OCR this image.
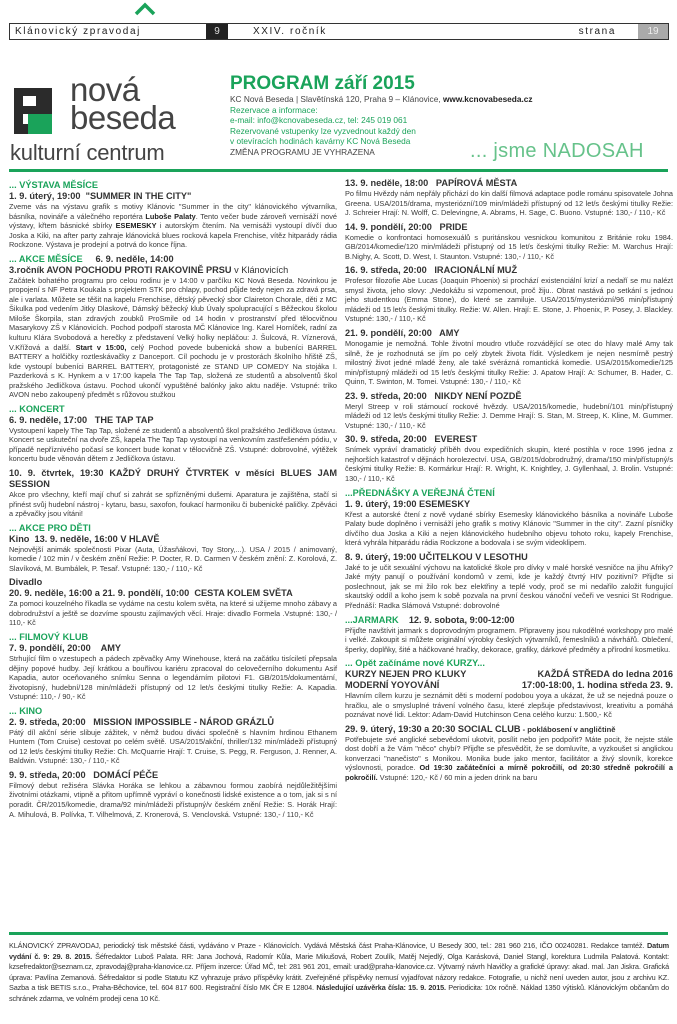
Klánovický zpravodaj	9	XXIV. ročník	strana	19
nová
beseda
kulturní centrum
PROGRAM září 2015
KC Nová Beseda | Slavětínská 120, Praha 9 – Klánovice, www.kcnovabeseda.cz
Rezervace a informace:
e-mail: info@kcnovabeseda.cz, tel: 245 019 061
Rezervované vstupenky lze vyzvednout každý den
v otevíracích hodinách kavárny KC Nová Beseda
ZMĚNA PROGRAMU JE VYHRAZENA	... jsme NADOSAH
... VÝSTAVA MĚSÍCE
1. 9. úterý, 19:00  "SUMMER IN THE CITY"
Zveme vás na výstavu grafik s motivy Klánovic "Summer in the city" klánovického výtvarníka, básníka, novináře a válečného reportéra Luboše Palaty. Tento večer bude zároveň vernisáží nové výstavy, křtem básnické sbírky ESEMESKY i autorským čtením. Na vernisáži vystoupí dívčí duo Joska a Kiki, na after party zahraje klánovická blues rocková kapela Frenchise, vítěz hitparády rádia Rockzone. Výstava je prodejní a potrvá do konce října.
... AKCE MĚSÍCE     6. 9. neděle, 14:00
3.ročník AVON POCHODU PROTI RAKOVINĚ PRSU v Klánovicích
Začátek bohatého programu pro celou rodinu je v 14:00 v parčíku KC Nová Beseda. Novinkou je propojení s NF Petra Koukala s projektem STK pro chlapy, pochod půjde tedy nejen za zdravá prsa, ale i varlata. Můžete se těšit na kapelu Frenchise, dětský pěvecký sbor Claireton Chorale, děti z MC Šikulka pod vedením Jitky Dlaskové, Dámský běžecký klub Úvaly spolupracující s Běžeckou školou Miloše Škorpila, stan zdravých zoubků ProSmile od 14 hodin v prostranství před tělocvičnou Masarykovy ZŠ v Klánovicích. Pochod podpoří starosta MČ Klánovice Ing. Karel Horníček, radní za kulturu Klára Svobodová a herečky z představení Velký holky nepláčou: J. Šulcová, R. Víznerová, V.Křížová a další. Start v 15:00, celý Pochod povede bubenická show a bubeníci BARREL BATTERY a holčičky roztleskávačky z Danceport. Cíl pochodu je v prostorách školního hřiště ZŠ, kde vystoupí bubeníci BARREL BATTERY, protagonisté ze STAND UP COMEDY Na stojáka I. Pazderková s K. Hynkem a v 17:00 kapela The Tap Tap, složená ze studentů a absolventů škol pražského Jedličkova ústavu. Pochod ukončí vypuštěné balónky jako aktu naděje. Vstupné: triko AVON nebo zakoupený předmět s růžovou stužkou
... KONCERT
6. 9. neděle, 17:00   THE TAP TAP
Vystoupení kapely The Tap Tap, složené ze studentů a absolventů škol pražského Jedličkova ústavu. Koncert se uskuteční na dvoře ZŠ, kapela The Tap Tap vystoupí na venkovním zastřešeném pódiu, v případě nepříznivého počasí se koncert bude konat v tělocvičně ZŠ. Vstupné: dobrovolné, výtěžek koncertu bude věnován dětem z Jedličkova ústavu.
10. 9. čtvrtek, 19:30 KAŽDÝ DRUHÝ ČTVRTEK v měsíci BLUES JAM SESSION
Akce pro všechny, kteří mají chuť si zahrát se spřízněnými dušemi. Aparatura je zajištěna, stačí si přinést svůj hudební nástroj - kytaru, basu, saxofon, foukací harmoniku či bubenické paličky. Zpěváci a zpěvačky jsou vítáni!
... AKCE PRO DĚTI
Kino  13. 9. neděle, 16:00 V HLAVĚ
Nejnovější animák společnosti Pixar (Auta, Úžasňákovi, Toy Story,...). USA / 2015 / animovaný, komedie / 102 min / v českém znění Režie: P. Docter, R. D. Carmen V českém znění: Z. Korolová, Z. Slavíková, M. Bumbálek, P. Tesař. Vstupné: 130,- / 110,- Kč
Divadlo
20. 9. neděle, 16:00 a 21. 9. pondělí, 10:00  CESTA KOLEM SVĚTA
Za pomoci kouzelného říkadla se vydáme na cestu kolem světa, na které si užijeme mnoho zábavy a dobrodružství a ještě se dozvíme spoustu zajímavých věcí. Hraje: divadlo Formela .Vstupné: 130,- / 110,- Kč
... FILMOVÝ KLUB
7. 9. pondělí, 20:00    AMY
Strhující film o vzestupech a pádech zpěvačky Amy Winehouse, která na začátku tisíciletí přepsala dějiny popové hudby. Její krátkou a bouřlivou kariéru zpracoval do celovečerního dokumentu Asif Kapadia, autor oceňovaného snímku Senna o legendárním pilotovi F1. GB/2015/dokumentární, životopisný, hudební/128 min/mládeži přístupný od 12 let/s českými titulky Režie: A. Kapadia. Vstupné: 110,- / 90,- Kč
... KINO
2. 9. středa, 20:00   MISSION IMPOSSIBLE - NÁROD GRÁZLŮ
Pátý díl akční série slibuje zážitek, v němž budou diváci společně s hlavním hrdinou Ethanem Huntem (Tom Cruise) cestovat po celém světě. USA/2015/akční, thriller/132 min/mládeži přístupný od 12 let/s českými titulky Režie: Ch. McQuarrie Hrají: T. Cruise, S. Pegg, R. Ferguson, J. Renner, A. Baldwin. Vstupné: 130,- / 110,- Kč
9. 9. středa, 20:00   DOMÁCÍ PÉČE
Filmový debut režiséra Slávka Horáka se lehkou a zábavnou formou zaobírá nejdůležitějšími životními otázkami, vtipně a přitom upřímně vypráví o konečnosti lidské existence a o tom, jak si s ní poradit. ČR/2015/komedie, drama/92 min/mládeži přístupný/v českém znění Režie: S. Horák Hrají: A. Mihulová, B. Polívka, T. Vilhelmová, Z. Kronerová, S. Venclovská. Vstupné: 130,- / 110,- Kč
13. 9. neděle, 18:00   PAPÍROVÁ MĚSTA
Po filmu Hvězdy nám nepřály přichází do kin další filmová adaptace podle románu spisovatele Johna Greena. USA/2015/drama, mysteriózní/109 min/mládeži přístupný od 12 let/s českými titulky Režie: J. Schreier Hrají: N. Wolff, C. Delevingne, A. Abrams, H. Sage, C. Buono. Vstupné: 130,- / 110,- Kč
14. 9. pondělí, 20:00   PRIDE
Komedie o konfrontaci homosexuálů s puritánskou vesnickou komunitou z Británie roku 1984. GB/2014/komedie/120 min/mládeži přístupný od 15 let/s českými titulky Režie: M. Warchus Hrají: B.Nighy, A. Scott, D. West, I. Staunton. Vstupné: 130,- / 110,- Kč
16. 9. středa, 20:00   IRACIONÁLNÍ MUŽ
Profesor filozofie Abe Lucas (Joaquin Phoenix) si prochází existenciální krizí a nedaří se mu nalézt smysl života, jeho slovy: „Nedokážu si vzpomenout, proč žiju.. Obrat nastává po setkání s jednou jeho studentkou (Emma Stone), do které se zamiluje. USA/2015/mysteriózní/96 min/přístupný mládeži od 15 let/s českými titulky. Režie: W. Allen. Hrají: E. Stone, J. Phoenix, P. Posey, J. Blackley. Vstupné: 130,- / 110,- Kč
21. 9. pondělí, 20:00   AMY
Monogamie je nemožná. Tohle životní moudro vtluče rozvádějící se otec do hlavy malé Amy tak silně, že je rozhodnutá se jím po celý zbytek života řídit. Výsledkem je nejen nesmírně pestrý milostný život jedné mladé ženy, ale také svérázná romantická komedie. USA/2015/komedie/125 min/přístupný mládeži od 15 let/s českými titulky Režie: J. Apatow Hrají: A: Schumer, B. Hader, C. Quinn, T. Swinton, M. Tomei. Vstupné: 130,- / 110,- Kč
23. 9. středa, 20:00   NIKDY NENÍ POZDĚ
Meryl Streep v roli stárnoucí rockové hvězdy. USA/2015/komedie, hudební/101 min/přístupný mládeži od 12 let/s českými titulky Režie: J. Demme Hrají: S. Stan, M. Streep, K. Kline, M. Gummer. Vstupné: 130,- / 110,- Kč
30. 9. středa, 20:00   EVEREST
Snímek vypráví dramatický příběh dvou expedičních skupin, které postihla v roce 1996 jedna z nejhorších katastrof v dějinách horolezectví. USA, GB/2015/dobrodružný, drama/150 min/přístupný/s českými titulky Režie: B. Kormárkur Hrají: R. Wright, K. Knightley, J. Gyllenhaal, J. Brolin. Vstupné: 130,- / 110,- Kč
...PŘEDNÁŠKY A VEŘEJNÁ ČTENÍ
1. 9. úterý, 19:00 ESEMESKY
Křest a autorské čtení z nově vydané sbírky Esemesky klánovického básníka a novináře Luboše Palaty bude doplněno i vernisáží jeho grafik s motivy Klánovic "Summer in the city". Zazní písničky dívčího dua Joska a Kiki a nejen klánovického hudebního objevu tohoto roku, kapely Frenchise, která vyhrála hitparádu rádia Rockzone a bodovala i se svým videoklipem.
8. 9. úterý, 19:00 UČITELKOU V LESOTHU
Jaké to je učit sexuální výchovu na katolické škole pro dívky v malé horské vesničce na jihu Afriky? Jaké mýty panují o používání kondomů v zemi, kde je každý čtvrtý HIV pozitivní? Přijďte si poslechnout, jak se mi žilo rok bez elektřiny a teplé vody, proč se mi nedařilo založit fungující skautský oddíl a koho jsem k sobě pozvala na první českou vánoční večeři ve vesnici St Rodrigue. Přednáší: Radka Slámová Vstupné: dobrovolné
...JARMARK    12. 9. sobota, 9:00-12:00
Přijďte navštívit jarmark s doprovodným programem. Připraveny jsou rukodělné workshopy pro malé i velké. Zakoupit si můžete originální výrobky českých výtvarníků, řemeslníků a návrhářů. Oblečení, šperky, doplňky, šité a háčkované hračky, dekorace, grafiky, dárkové předměty a přírodní kosmetiku.
... Opět začínáme nové KURZY...
KURZY NEJEN PRO KLUKY	KAŽDÁ STŘEDA do ledna 2016
MODERNÍ YOYOVÁNÍ	17:00-18:00, 1. hodina středa 23. 9.
Hlavním cílem kurzu je seznámit děti s moderní podobou yoya a ukázat, že už se nejedná pouze o hračku, ale o smysluplné trávení volného času, které zlepšuje představivost, kreativitu a pomáhá poznávat nové lidi. Lektor: Adam-David Hutchinson Cena celého kurzu: 1.500,- Kč
29. 9. úterý, 19:30 a 20:30 SOCIAL CLUB - poklábosení v angličtině
Potřebujete své anglické sebevědomí ukotvit, posílit nebo jen podpořit? Máte pocit, že nejste stále dost dobří a že Vám "něco" chybí? Přijďte se přesvědčit, že se domluvíte, a vyzkoušet si anglickou konverzaci "nanečisto" s Monikou. Monika bude jako mentor, facilitátor a živý slovník, korekce výslovnosti, poradce. Od 19:30 začátečníci a mírně pokročilí, od 20:30 středně pokročilí a pokročilí. Vstupné: 120,- Kč / 60 min a jeden drink na baru
KLÁNOVICKÝ ZPRAVODAJ, periodický tisk městské části, vydáváno v Praze - Klánovicích. Vydává Městská část Praha-Klánovice, U Besedy 300, tel.: 281 960 216, IČO 00240281. Redakce tamtéž. Datum vydání č. 9: 29. 8. 2015. Šéfredaktor Luboš Palata. RR: Jana Jochová, Radomír Kůla, Marie Mikušová, Robert Zoulík, Matěj Nejedlý, Olga Karásková, Daniel Stangl, korektura Ludmila Palatová. Kontakt: kzsefredaktor@seznam.cz, zpravodaj@praha-klanovice.cz. Příjem inzerce: Úřad MČ, tel: 281 961 201, email: urad@praha-klanovice.cz. Výtvarný návrh hlavičky a grafické úpravy: akad. mal. Jan Jiskra. Grafická úprava: Pavlína Zemanová. Šéfredaktor si podle Statutu KZ vyhrazuje právo příspěvky krátit. Zveřejněné příspěvky nemusí vyjadřovat názory redakce. Fotografie, u nichž není uveden autor, jsou z archivu KZ. Sazba a tisk BETIS s.r.o., Praha-Běchovice, tel. 604 817 600. Registrační číslo MK ČR E 12804. Následující uzávěrka čísla: 15. 9. 2015. Periodicita: 10x ročně. Náklad 1350 výtisků. Klánovickým občanům do schránek zdarma, ve volném prodeji cena 10 Kč.
